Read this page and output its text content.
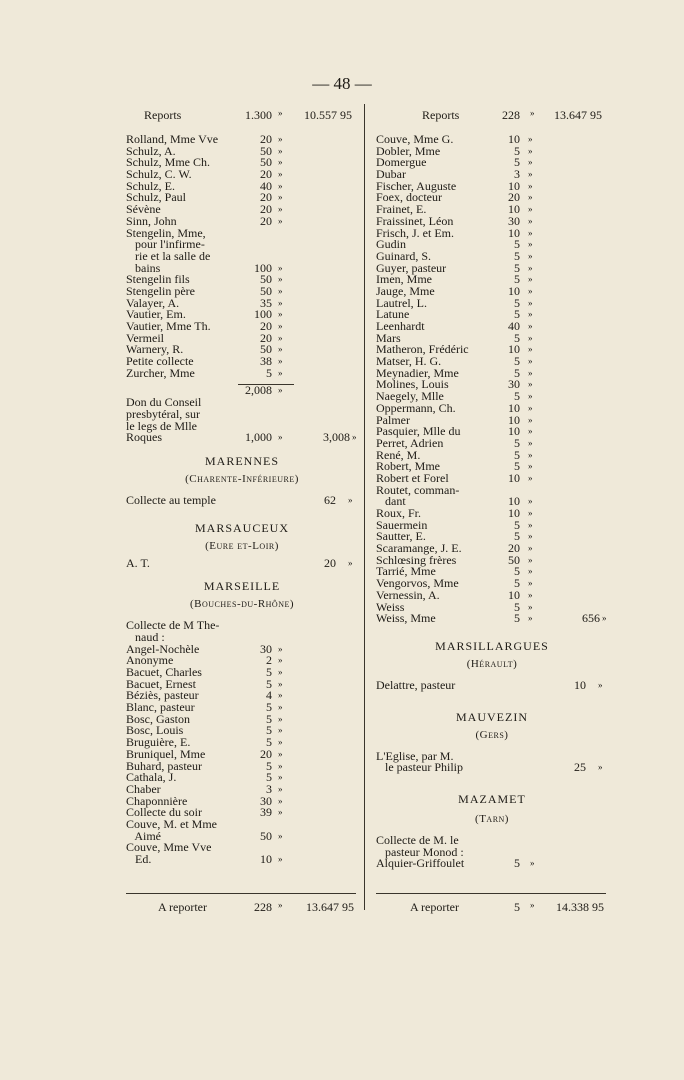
— 48 —
Reports	1.300 » 10.557 95
Rolland, Mme Vve	20 »
Schulz, A.	50 »
Schulz, Mme Ch.	50 »
Schulz, C. W.	20 »
Schulz, E.	40 »
Schulz, Paul	20 »
Sévène	20 »
Sinn, John	20 »
Stengelin, Mme,
pour l'infirme-
rie et la salle de
bains	100 »
Stengelin fils	50 »
Stengelin père	50 »
Valayer, A.	35 »
Vautier, Em.	100 »
Vautier, Mme Th.	20 »
Vermeil	20 »
Warnery, R.	50 »
Petite collecte	38 »
Zurcher, Mme	5 »
2,008 »
Don du Conseil
presbytéral, sur
le legs de Mlle
Roques	1,000 »	3,008 »
MARENNES
(Charente-Inférieure)
Collecte au temple	62 »
MARSAUCEUX
(Eure et-Loir)
A. T.	20 »
MARSEILLE
(Bouches-du-Rhône)
Collecte de M The-
naud :
Angel-Nochèle	30 »
Anonyme	2 »
Bacuet, Charles	5 »
Bacuet, Ernest	5 »
Béziès, pasteur	4 »
Blanc, pasteur	5 »
Bosc, Gaston	5 »
Bosc, Louis	5 »
Bruguière, E.	5 »
Bruniquel, Mme	20 »
Buhard, pasteur	5 »
Cathala, J.	5 »
Chaber	3 »
Chaponnière	30 »
Collecte du soir	39 »
Couve, M. et Mme
Aimé	50 »
Couve, Mme Vve
Ed.	10 »
Reports	228 » 13.647 95
Couve, Mme G.	10 »
Dobler, Mme	5 »
Domergue	5 »
Dubar	3 »
Fischer, Auguste	10 »
Foex, docteur	20 »
Frainet, E.	10 »
Fraissinet, Léon	30 »
Frisch, J. et Em.	10 »
Gudin	5 »
Guinard, S.	5 »
Guyer, pasteur	5 »
Imen, Mme	5 »
Jauge, Mme	10 »
Lautrel, L.	5 »
Latune	5 »
Leenhardt	40 »
Mars	5 »
Matheron, Frédéric	10 »
Matser, H. G.	5 »
Meynadier, Mme	5 »
Molines, Louis	30 »
Naegely, Mlle	5 »
Oppermann, Ch.	10 »
Palmer	10 »
Pasquier, Mlle du	10 »
Perret, Adrien	5 »
René, M.	5 »
Robert, Mme	5 »
Robert et Forel	10 »
Routet, comman-
dant	10 »
Roux, Fr.	10 »
Sauermein	5 »
Sautter, E.	5 »
Scaramange, J. E.	20 »
Schlœsing frères	50 »
Tarrié, Mme	5 »
Vengorvos, Mme	5 »
Vernessin, A.	10 »
Weiss	5 »
Weiss, Mme	5 »	656 »
MARSILLARGUES
(Hérault)
Delattre, pasteur	10 »
MAUVEZIN
(Gers)
L'Eglise, par M.
le pasteur Philip	25 »
MAZAMET
(Tarn)
Collecte de M. le
pasteur Monod :
Alquier-Griffoulet	5 »
A reporter	228 » 13.647 95	A reporter	5 » 14.338 95
